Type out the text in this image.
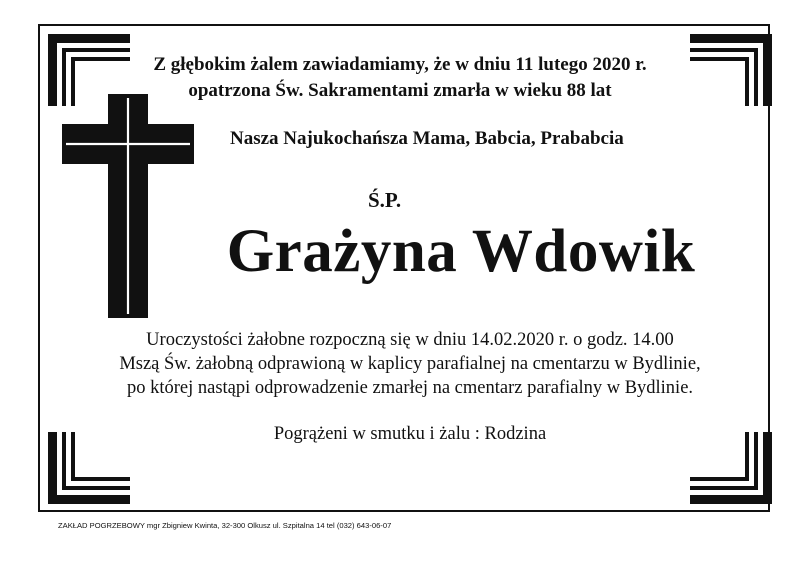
Z głębokim żalem zawiadamiamy, że w dniu 11 lutego 2020 r.
opatrzona Św. Sakramentami zmarła w wieku 88 lat
Nasza Najukochańsza Mama, Babcia, Prababcia
Ś.P.
Grażyna Wdowik
Uroczystości żałobne rozpoczną się w dniu 14.02.2020 r. o godz. 14.00
Mszą Św. żałobną odprawioną w kaplicy parafialnej na cmentarzu w Bydlinie,
po której nastąpi odprowadzenie zmarłej na cmentarz parafialny w Bydlinie.
Pogrążeni w smutku i żalu : Rodzina
ZAKŁAD POGRZEBOWY mgr Zbigniew Kwinta, 32-300 Olkusz ul. Szpitalna 14 tel (032) 643-06-07
